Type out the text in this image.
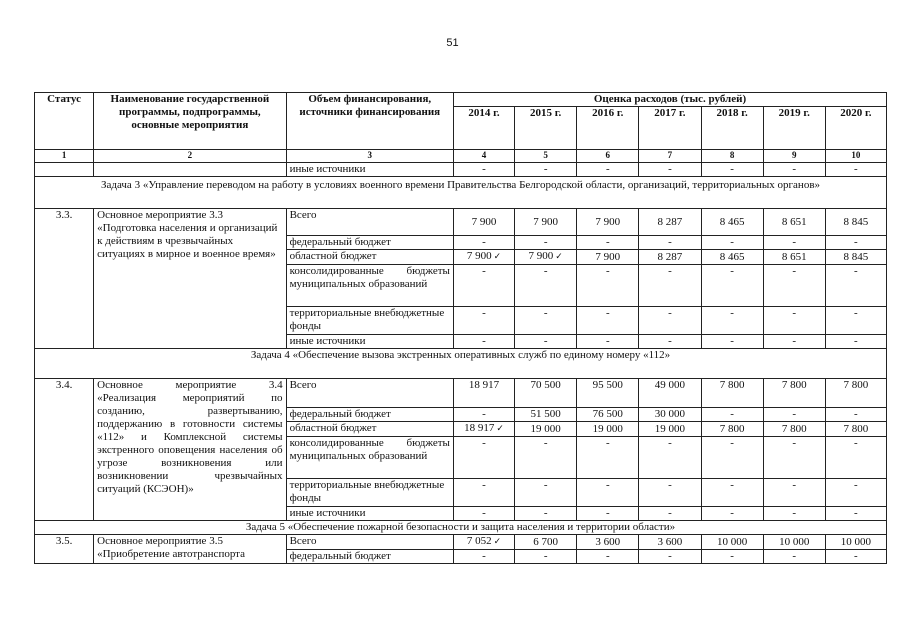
51
Статус	Наименование государственной программы, подпрограммы, основные мероприятия	Объем финансирования, источники финансирования	Оценка расходов (тыс. рублей)						
			2014 г.	2015 г.	2016 г.	2017 г.	2018 г.	2019 г.	2020 г.
1	2	3	4	5	6	7	8	9	10
		иные источники	-	-	-	-	-	-	-
Задача 3 «Управление переводом на работу в условиях военного времени Правительства Белгородской области, организаций, территориальных органов»									
3.3.	Основное мероприятие 3.3 «Подготовка населения и организаций к действиям в чрезвычайных ситуациях в мирное и военное время»	Всего	7 900	7 900	7 900	8 287	8 465	8 651	8 845
		федеральный бюджет	-	-	-	-	-	-	-
		областной бюджет	7 900 ✓	7 900 ✓	7 900	8 287	8 465	8 651	8 845
		консолидированные бюджеты муниципальных образований	-	-	-	-	-	-	-
		территориальные внебюджетные фонды	-	-	-	-	-	-	-
		иные источники	-	-	-	-	-	-	-
Задача 4 «Обеспечение вызова экстренных оперативных служб по единому номеру «112»									
3.4.	Основное мероприятие 3.4 «Реализация мероприятий по созданию, развертыванию, поддержанию в готовности системы «112» и Комплексной системы экстренного оповещения населения об угрозе возникновения или возникновении чрезвычайных ситуаций (КСЭОН)»	Всего	18 917	70 500	95 500	49 000	7 800	7 800	7 800
		федеральный бюджет	-	51 500	76 500	30 000	-	-	-
		областной бюджет	18 917 ✓	19 000	19 000	19 000	7 800	7 800	7 800
		консолидированные бюджеты муниципальных образований	-	-	-	-	-	-	-
		территориальные внебюджетные фонды	-	-	-	-	-	-	-
		иные источники	-	-	-	-	-	-	-
Задача 5 «Обеспечение пожарной безопасности и защита населения и территории области»									
3.5.	Основное мероприятие 3.5 «Приобретение автотранспорта	Всего	7 052 ✓	6 700	3 600	3 600	10 000	10 000	10 000
		федеральный бюджет	-	-	-	-	-	-	-
